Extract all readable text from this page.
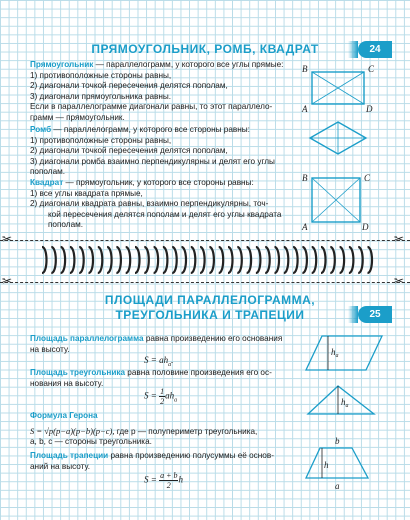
ПРЯМОУГОЛЬНИК, РОМБ, КВАДРАТ	24

Прямоугольник — параллелограмм, у которого все углы прямые:

1) противоположные стороны равны,

2) диагонали точкой пересечения делятся пополам,

3) диагонали прямоугольника равны.

Если в параллелограмме диагонали равны, то этот параллело-

грамм — прямоугольник.

Ромб — параллелограмм, у которого все стороны равны:

1) противоположные стороны равны,

2) диагонали точкой пересечения делятся пополам,

3) диагонали ромба взаимно перпендикулярны и делят его углы

пополам.

Квадрат — прямоугольник, у которого все стороны равны:

1) все углы квадрата прямые,

2) диагонали квадрата равны, взаимно перпендикулярны, точ-

кой пересечения делятся пополам и делят его углы квадрата

пополам.

B	C
A	D
B	C
A	D
✂	✂
✂	✂
ПЛОЩАДИ ПАРАЛЛЕЛОГРАММА,
ТРЕУГОЛЬНИКА И ТРАПЕЦИИ	25

Площадь параллелограмма равна произведению его основания

на высоту.

$S = ah_a$.

Площадь треугольника равна половине произведения его ос-

нования на высоту.

$S = \frac{1}{2} ah_a$

Формула Герона

S = √p(p−a)(p−b)(p−c), где p — полупериметр треугольника,

a, b, c — стороны треугольника.

Площадь трапеции равна произведению полусуммы её основ-

аний на высоту.

$S = \frac{a + b}{2}$ h
$h_a$
$h_a$
b
h
a
